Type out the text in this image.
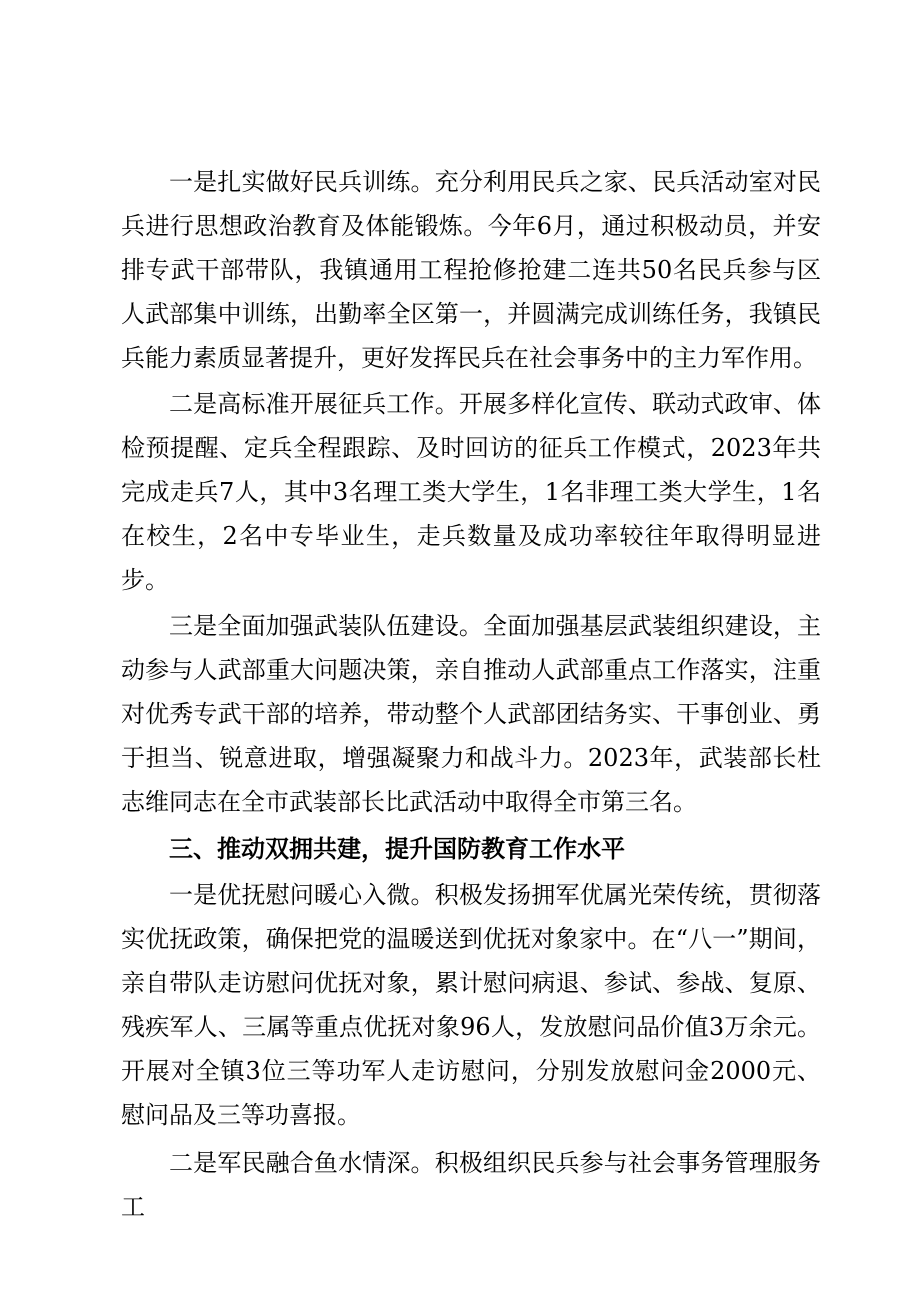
一是扎实做好民兵训练。充分利用民兵之家、民兵活动室对民兵进行思想政治教育及体能锻炼。今年6月，通过积极动员，并安排专武干部带队，我镇通用工程抢修抢建二连共50名民兵参与区人武部集中训练，出勤率全区第一，并圆满完成训练任务，我镇民兵能力素质显著提升，更好发挥民兵在社会事务中的主力军作用。

二是高标准开展征兵工作。开展多样化宣传、联动式政审、体检预提醒、定兵全程跟踪、及时回访的征兵工作模式，2023年共完成走兵7人，其中3名理工类大学生，1名非理工类大学生，1名在校生，2名中专毕业生，走兵数量及成功率较往年取得明显进步。

三是全面加强武装队伍建设。全面加强基层武装组织建设，主动参与人武部重大问题决策，亲自推动人武部重点工作落实，注重对优秀专武干部的培养，带动整个人武部团结务实、干事创业、勇于担当、锐意进取，增强凝聚力和战斗力。2023年，武装部长杜志维同志在全市武装部长比武活动中取得全市第三名。

三、推动双拥共建，提升国防教育工作水平

一是优抚慰问暖心入微。积极发扬拥军优属光荣传统，贯彻落实优抚政策，确保把党的温暖送到优抚对象家中。在“八一”期间，亲自带队走访慰问优抚对象，累计慰问病退、参试、参战、复原、残疾军人、三属等重点优抚对象96人，发放慰问品价值3万余元。开展对全镇3位三等功军人走访慰问，分别发放慰问金2000元、慰问品及三等功喜报。

二是军民融合鱼水情深。积极组织民兵参与社会事务管理服务工
